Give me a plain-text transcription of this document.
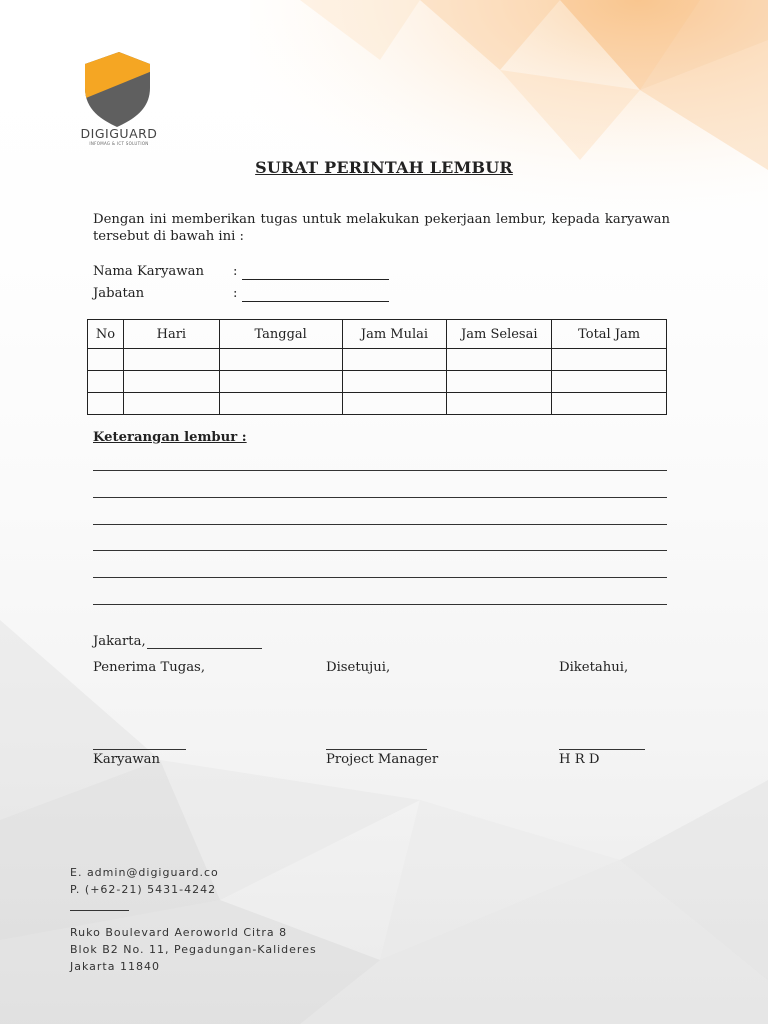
DIGIGUARD
INFOMAG & ICT SOLUTION
SURAT PERINTAH LEMBUR
Dengan ini memberikan tugas untuk melakukan pekerjaan lembur, kepada karyawan tersebut di bawah ini :
Nama Karyawan :
Jabatan	:
No	Hari	Tanggal	Jam Mulai	Jam Selesai	Total Jam

Keterangan lembur :
Jakarta,
Penerima Tugas,	Disetujui,	Diketahui,
Karyawan	Project Manager	H R D
E. admin@digiguard.co
P. (+62-21) 5431-4242
Ruko Boulevard Aeroworld Citra 8
Blok B2 No. 11, Pegadungan-Kalideres
Jakarta 11840
